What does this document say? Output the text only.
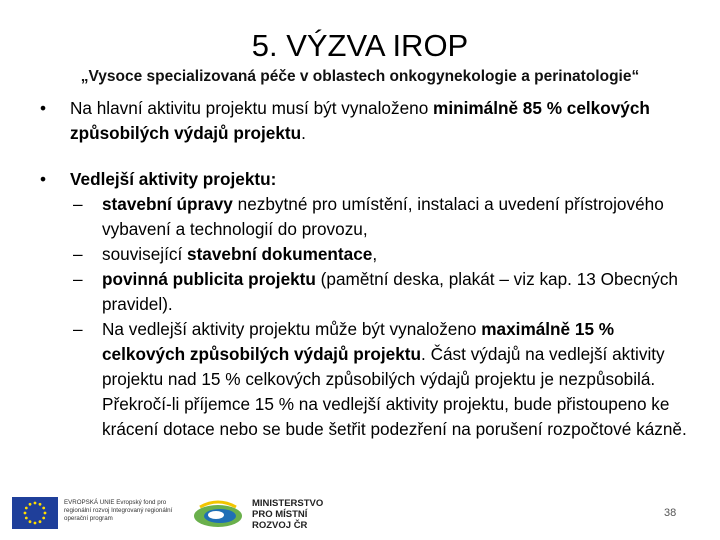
5. VÝZVA IROP
„Vysoce specializovaná péče v oblastech onkogynekologie a perinatologie“
• Na hlavní aktivitu projektu musí být vynaloženo minimálně 85 % celkových způsobilých výdajů projektu.
• Vedlejší aktivity projektu:
– stavební úpravy nezbytné pro umístění, instalaci a uvedení přístrojového vybavení a technologií do provozu,
– související stavební dokumentace,
– povinná publicita projektu (pamětní deska, plakát – viz kap. 13 Obecných pravidel).
– Na vedlejší aktivity projektu může být vynaloženo maximálně 15 % celkových způsobilých výdajů projektu. Část výdajů na vedlejší aktivity projektu nad 15 % celkových způsobilých výdajů projektu je nezpůsobilá. Překročí-li příjemce 15 % na vedlejší aktivity projektu, bude přistoupeno ke krácení dotace nebo se bude šetřit podezření na porušení rozpočtové kázně.
EVROPSKÁ UNIE Evropský fond pro regionální rozvoj Integrovaný regionální operační program
MINISTERSTVO PRO MÍSTNÍ ROZVOJ ČR
38
